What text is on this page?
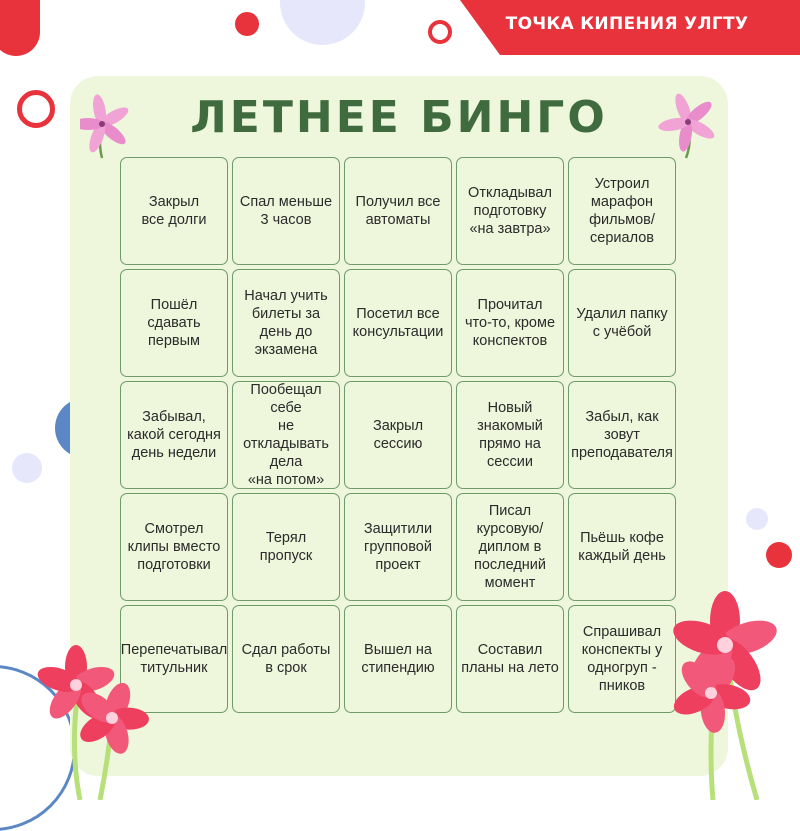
ТОЧКА КИПЕНИЯ УЛГТУ
ЛЕТНЕЕ БИНГО
Закрыл
все долги
Спал меньше
3 часов
Получил все
автоматы
Откладывал
подготовку
«на завтра»
Устроил
марафон
фильмов/
сериалов
Пошёл
сдавать
первым
Начал учить
билеты за
день до
экзамена
Посетил все
консультации
Прочитал
что-то, кроме
конспектов
Удалил папку
с учёбой
Забывал,
какой сегодня
день недели
Пообещал себе
не откладывать
дела
«на потом»
Закрыл
сессию
Новый
знакомый
прямо на
сессии
Забыл, как
зовут
преподавателя
Смотрел
клипы вместо
подготовки
Терял
пропуск
Защитили
групповой
проект
Писал
курсовую/
диплом в
последний
момент
Пьёшь кофе
каждый день
Перепечатывал
титульник
Сдал работы
в срок
Вышел на
стипендию
Составил
планы на лето
Спрашивал
конспекты у
одногруп -
пников
